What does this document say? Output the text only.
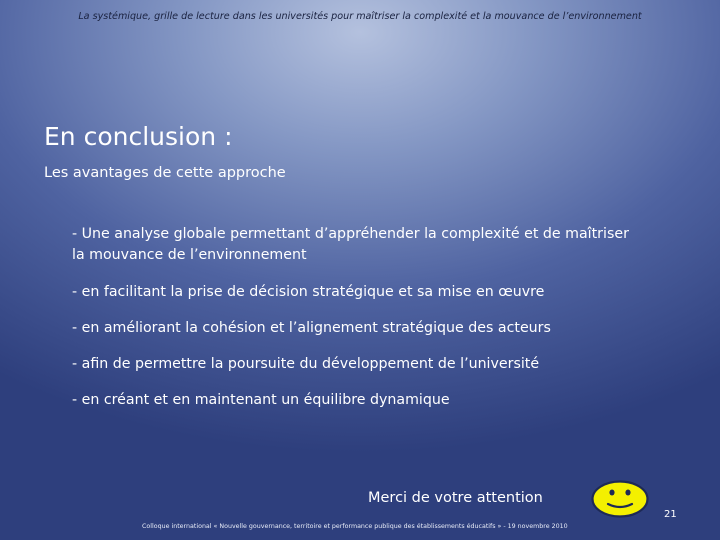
La systémique, grille de lecture dans les universités pour maîtriser la complexité et la mouvance de l’environnement
En conclusion :
Les avantages de cette approche

- Une analyse globale permettant d’appréhender la complexité et de maîtriser la mouvance de l’environnement

- en facilitant la prise de décision stratégique et sa mise en œuvre

- en améliorant la cohésion et l’alignement stratégique des acteurs

- afin de permettre la poursuite du développement de l’université

- en créant et en maintenant un équilibre dynamique

Merci de votre attention
Colloque international « Nouvelle gouvernance, territoire et performance publique des établissements éducatifs » - 19 novembre 2010
21
